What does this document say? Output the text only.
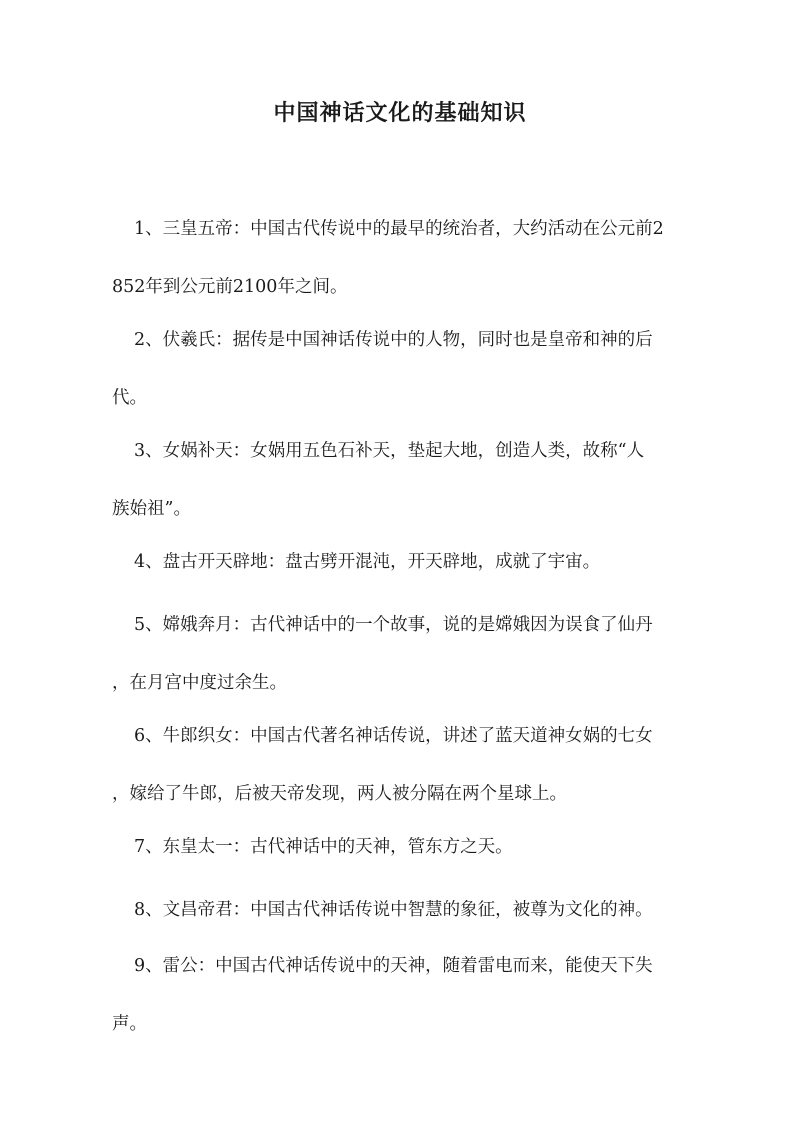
中国神话文化的基础知识
1、三皇五帝：中国古代传说中的最早的统治者，大约活动在公元前2
852年到公元前2100年之间。
2、伏羲氏：据传是中国神话传说中的人物，同时也是皇帝和神的后
代。
3、女娲补天：女娲用五色石补天，垫起大地，创造人类，故称“人
族始祖”。
4、盘古开天辟地：盘古劈开混沌，开天辟地，成就了宇宙。
5、嫦娥奔月：古代神话中的一个故事，说的是嫦娥因为误食了仙丹
，在月宫中度过余生。
6、牛郎织女：中国古代著名神话传说，讲述了蓝天道神女娲的七女
，嫁给了牛郎，后被天帝发现，两人被分隔在两个星球上。
7、东皇太一：古代神话中的天神，管东方之天。
8、文昌帝君：中国古代神话传说中智慧的象征，被尊为文化的神。
9、雷公：中国古代神话传说中的天神，随着雷电而来，能使天下失
声。
